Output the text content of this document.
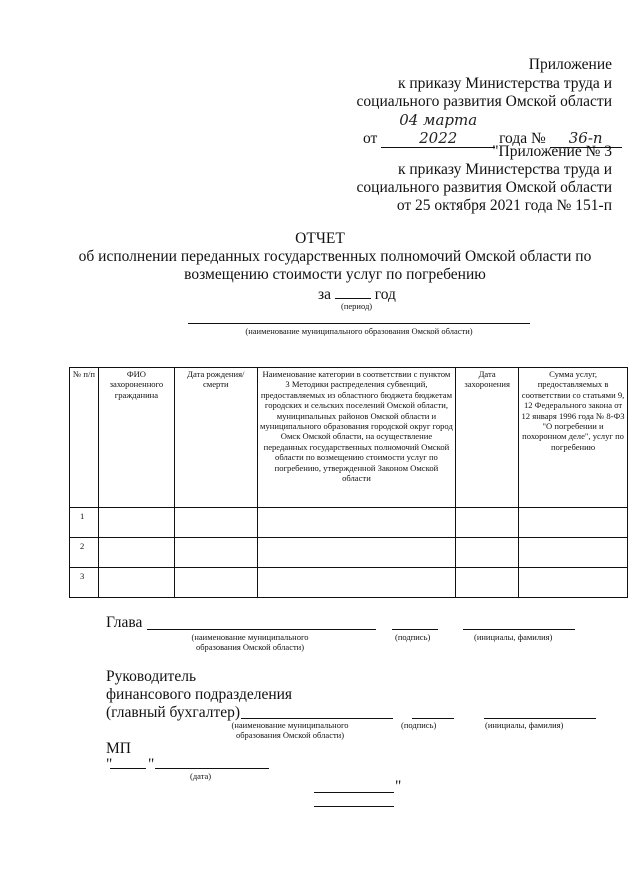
Приложение
к приказу Министерства труда и
социального развития Омской области
от 04 марта 2022	года № 36-п
"Приложение № 3
к приказу Министерства труда и
социального развития Омской области
от 25 октября 2021 года № 151-п
ОТЧЕТ
об исполнении переданных государственных полномочий Омской области по
возмещению стоимости услуг по погребению
за	год
(период)
(наименование муниципального образования Омской области)
№ п/п	ФИО захороненного гражданина	Дата рождения/смерти	Наименование категории в соответствии с пунктом 3 Методики распределения субвенций, предоставляемых из областного бюджета бюджетам городских и сельских поселений Омской области, муниципальных районов Омской области и муниципального образования городской округ город Омск Омской области, на осуществление переданных государственных полномочий Омской области по возмещению стоимости услуг по погребению, утвержденной Законом Омской области	Дата захоронения	Сумма услуг, предоставляемых в соответствии со статьями 9, 12 Федерального закона от 12 января 1996 года № 8-ФЗ "О погребении и похоронном деле", услуг по погребению
1					
2					
3					
Глава
(наименование муниципального
образования Омской области)
(подпись)	(инициалы, фамилия)
Руководитель
финансового подразделения
(главный бухгалтер)
(наименование муниципального
образования Омской области)
(подпись)	(инициалы, фамилия)
МП
" "
(дата)
"
